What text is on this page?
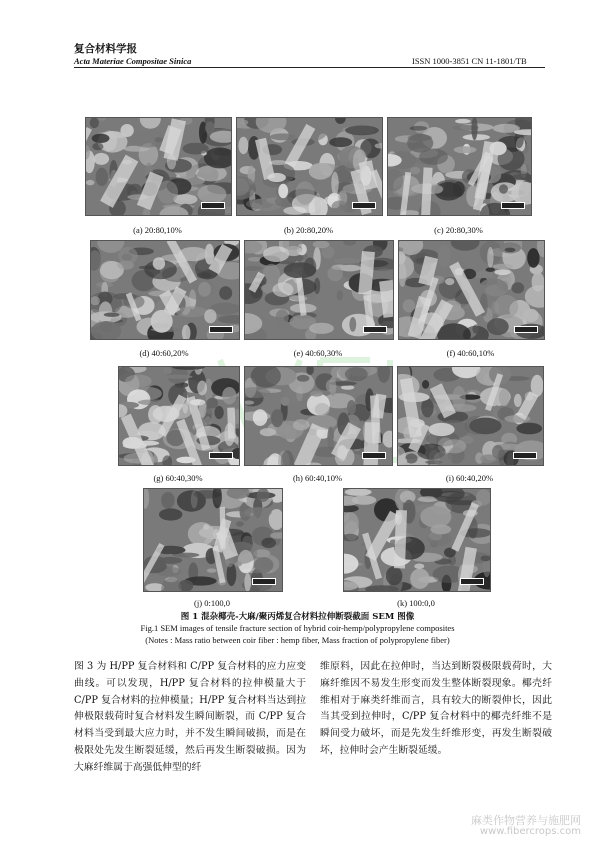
复合材料学报
Acta Materiae Compositae Sinica	ISSN 1000-3851 CN 11-1801/TB
(a) 20:80,10%	(b) 20:80,20%	(c) 20:80,30%
(d) 40:60,20%	(e) 40:60,30%	(f) 40:60,10%
(g) 60:40,30%	(h) 60:40,10%	(i) 60:40,20%
(j) 0:100,0	(k) 100:0,0
图 1 混杂椰壳-大麻/聚丙烯复合材料拉伸断裂截面 SEM 图像
Fig.1 SEM images of tensile fracture section of hybrid coir-hemp/polypropylene composites
(Notes : Mass ratio between coir fiber : hemp fiber, Mass fraction of polypropylene fiber)
图 3 为 H/PP 复合材料和 C/PP 复合材料的应力应变曲线。可以发现，H/PP 复合材料的拉伸模量大于 C/PP 复合材料的拉伸模量；H/PP 复合材料当达到拉伸极限载荷时复合材料发生瞬间断裂，而 C/PP 复合材料当受到最大应力时，并不发生瞬间破损，而是在极限处先发生断裂延缓，然后再发生断裂破损。因为大麻纤维属于高强低伸型的纤
维原料，因此在拉伸时，当达到断裂极限载荷时，大麻纤维因不易发生形变而发生整体断裂现象。椰壳纤维相对于麻类纤维而言，具有较大的断裂伸长，因此当其受到拉伸时，C/PP 复合材料中的椰壳纤维不是瞬间受力破坏，而是先发生纤维形变，再发生断裂破坏，拉伸时会产生断裂延缓。
麻类作物营养与施肥网
www.fibercrops.com
